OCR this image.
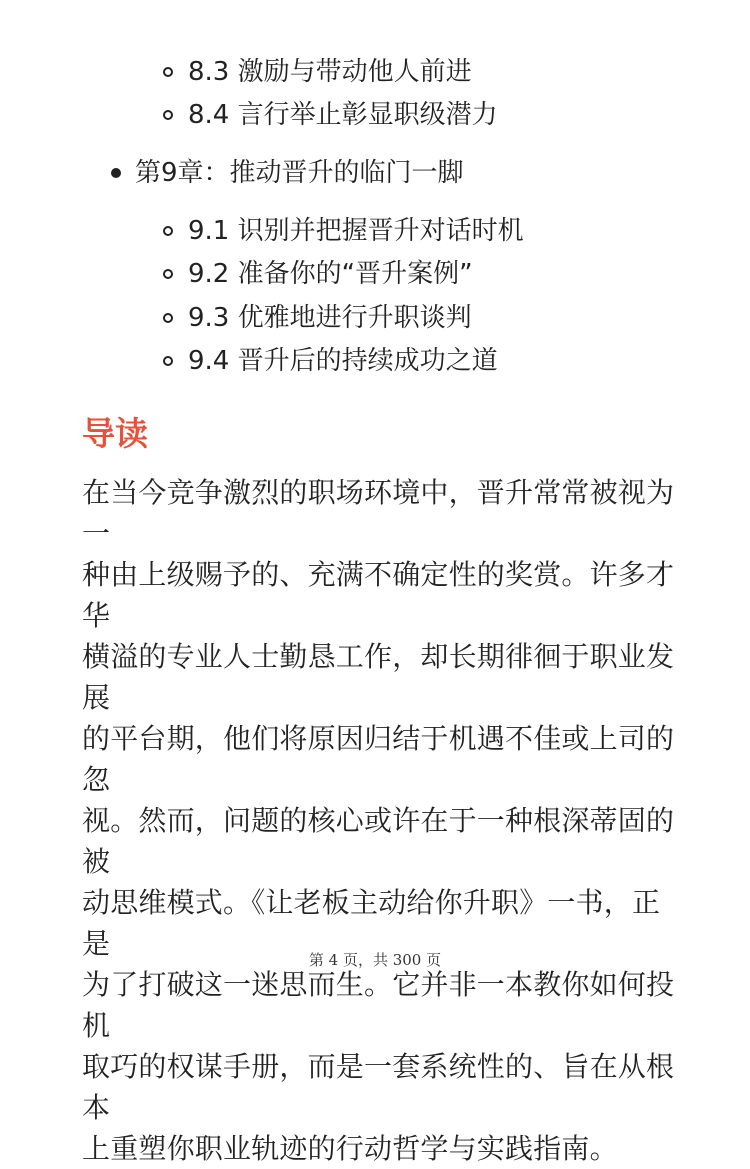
8.3 激励与带动他人前进
8.4 言行举止彰显职级潜力
第9章：推动晋升的临门一脚
9.1 识别并把握晋升对话时机
9.2 准备你的“晋升案例”
9.3 优雅地进行升职谈判
9.4 晋升后的持续成功之道
导读

在当今竞争激烈的职场环境中，晋升常常被视为一
种由上级赐予的、充满不确定性的奖赏。许多才华
横溢的专业人士勤恳工作，却长期徘徊于职业发展
的平台期，他们将原因归结于机遇不佳或上司的忽
视。然而，问题的核心或许在于一种根深蒂固的被
动思维模式。《让老板主动给你升职》一书，正是
为了打破这一迷思而生。它并非一本教你如何投机
取巧的权谋手册，而是一套系统性的、旨在从根本
上重塑你职业轨迹的行动哲学与实践指南。

第 4 页，共 300 页
